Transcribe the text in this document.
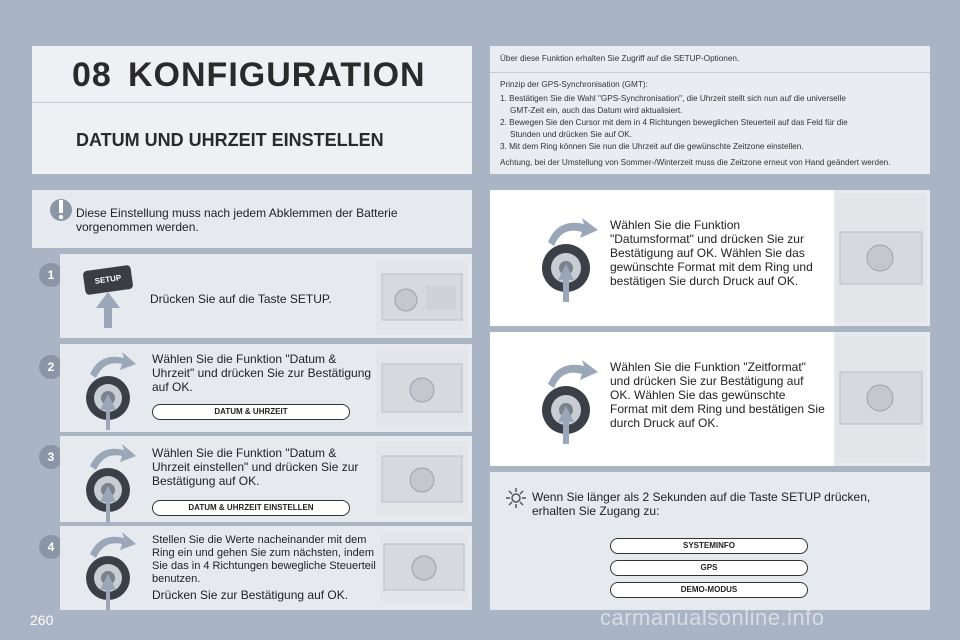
08 KONFIGURATION
DATUM UND UHRZEIT EINSTELLEN
Über diese Funktion erhalten Sie Zugriff auf die SETUP-Optionen.
Prinzip der GPS-Synchronisation (GMT):
1. Bestätigen Sie die Wahl "GPS-Synchronisation", die Uhrzeit stellt sich nun auf die universelle
GMT-Zeit ein, auch das Datum wird aktualisiert.
2. Bewegen Sie den Cursor mit dem in 4 Richtungen beweglichen Steuerteil auf das Feld für die
Stunden und drücken Sie auf OK.
3. Mit dem Ring können Sie nun die Uhrzeit auf die gewünschte Zeitzone einstellen.
Achtung, bei der Umstellung von Sommer-/Winterzeit muss die Zeitzone erneut von Hand geändert werden.
Diese Einstellung muss nach jedem Abklemmen der Batterie vorgenommen werden.
1	SETUP
Drücken Sie auf die Taste SETUP.
2
Wählen Sie die Funktion "Datum & Uhrzeit" und drücken Sie zur Bestätigung auf OK.
DATUM & UHRZEIT
3	Wählen Sie die Funktion "Datum & Uhrzeit einstellen" und drücken Sie zur Bestätigung auf OK.
DATUM & UHRZEIT EINSTELLEN
4	Stellen Sie die Werte nacheinander mit dem Ring ein und gehen Sie zum nächsten, indem Sie das in 4 Richtungen bewegliche Steuerteil benutzen.
Drücken Sie zur Bestätigung auf OK.
Wählen Sie die Funktion "Datumsformat" und drücken Sie zur Bestätigung auf OK. Wählen Sie das gewünschte Format mit dem Ring und bestätigen Sie durch Druck auf OK.
Wählen Sie die Funktion "Zeitformat" und drücken Sie zur Bestätigung auf OK. Wählen Sie das gewünschte Format mit dem Ring und bestätigen Sie durch Druck auf OK.
Wenn Sie länger als 2 Sekunden auf die Taste SETUP drücken, erhalten Sie Zugang zu:
SYSTEMINFO
GPS
DEMO-MODUS
260	carmanualsonline.info
